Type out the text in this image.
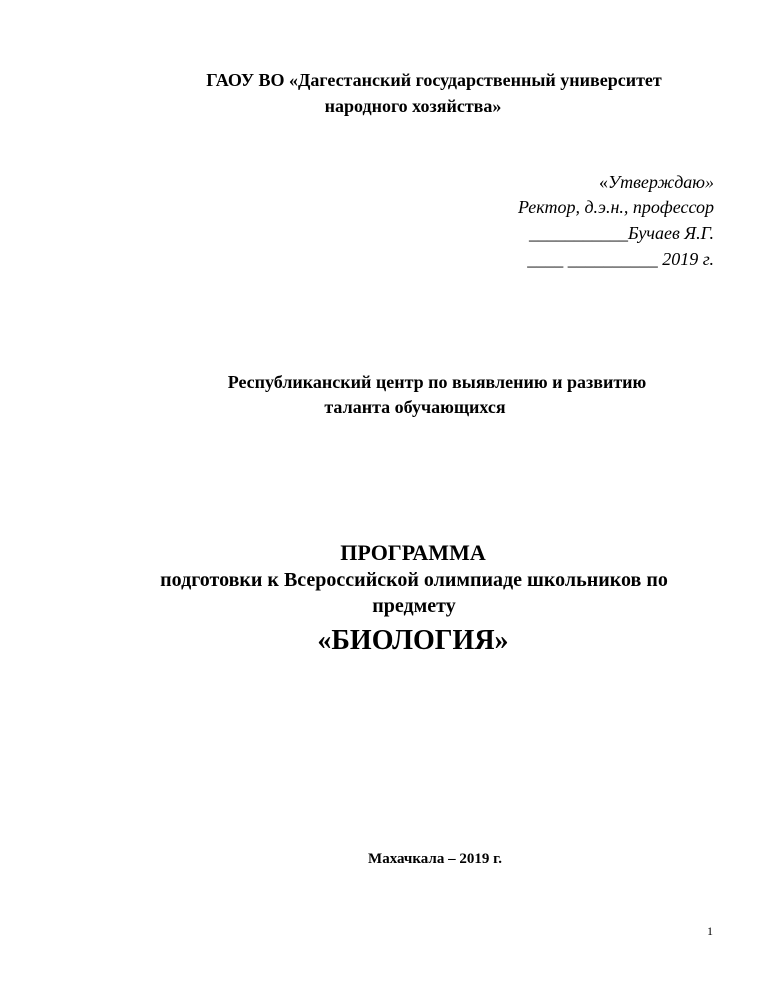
ГАОУ ВО «Дагестанский государственный университет

народного хозяйства»

«Утверждаю»

Ректор, д.э.н., профессор

___________Бучаев Я.Г.

____ __________ 2019 г.

Республиканский центр по выявлению и развитию

таланта обучающихся

ПРОГРАММА

подготовки к Всероссийской олимпиаде школьников по

предмету

«БИОЛОГИЯ»

Махачкала – 2019 г.

1
